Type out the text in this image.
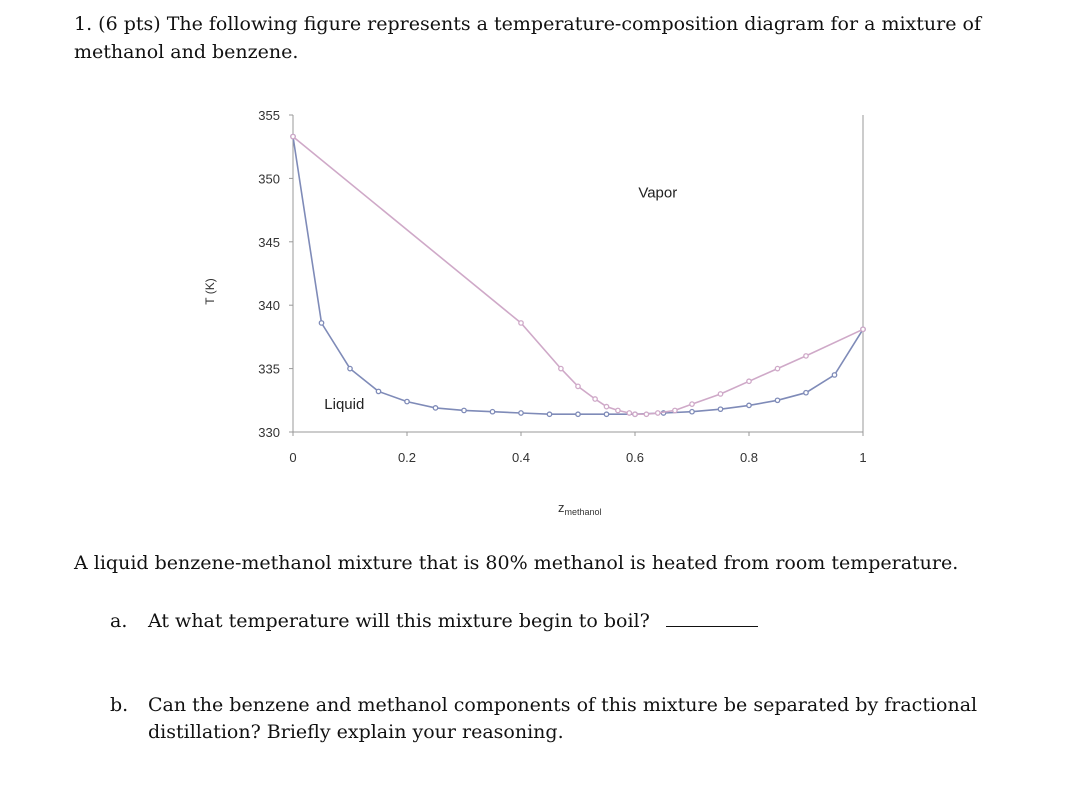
1. (6 pts) The following figure represents a temperature-composition diagram for a mixture of methanol and benzene.

330
335
340
345
350
355
0	0.2	0.4	0.6	0.8	1
T (K)
$z_{methanol}$
Vapor
Liquid

A liquid benzene-methanol mixture that is 80% methanol is heated from room temperature.

a. At what temperature will this mixture begin to boil?
b. Can the benzene and methanol components of this mixture be separated by fractional distillation? Briefly explain your reasoning.
